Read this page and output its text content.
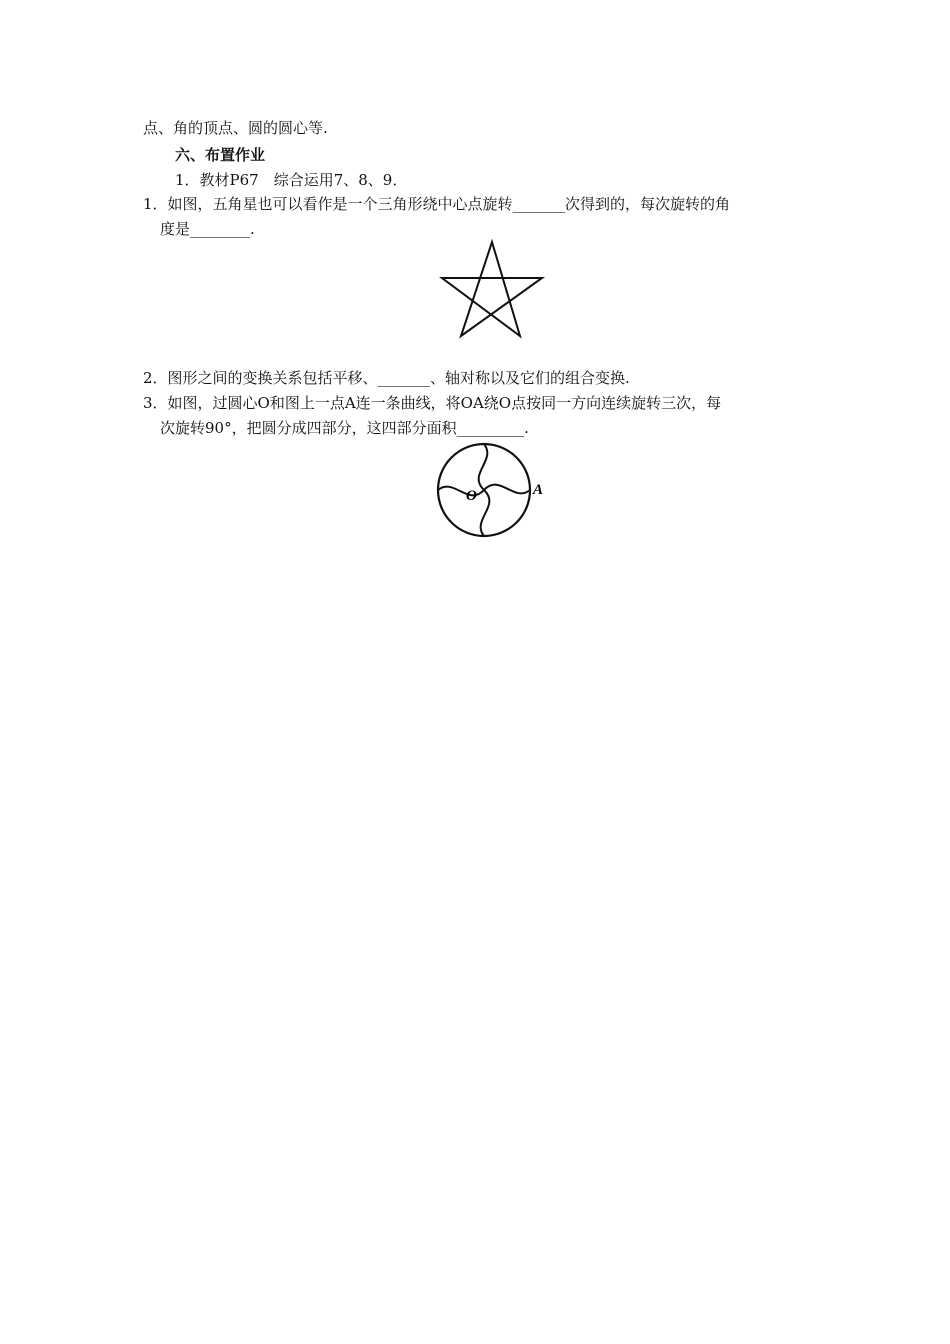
点、角的顶点、圆的圆心等.
六、布置作业
1．教材P67　综合运用7、8、9．
1．如图，五角星也可以看作是一个三角形绕中心点旋转_______次得到的，每次旋转的角
度是________.
2．图形之间的变换关系包括平移、_______、轴对称以及它们的组合变换.
3．如图，过圆心O和图上一点A连一条曲线，将OA绕O点按同一方向连续旋转三次，每
次旋转90°，把圆分成四部分，这四部分面积_________.
O	A
